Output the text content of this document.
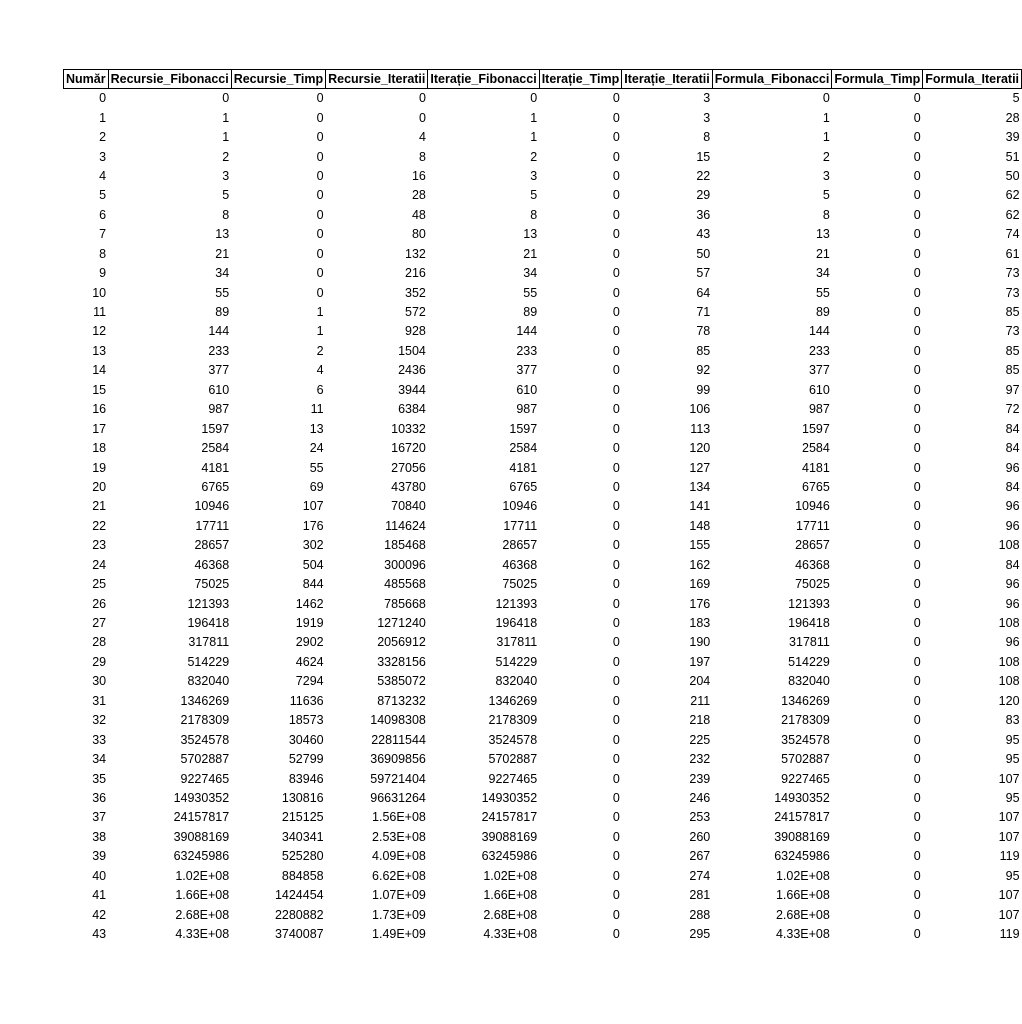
Număr	Recursie_Fibonacci	Recursie_Timp	Recursie_Iteratii	Iterație_Fibonacci	Iterație_Timp	Iterație_Iteratii	Formula_Fibonacci	Formula_Timp	Formula_Iteratii
0	0	0	0	0	0	3	0	0	5
1	1	0	0	1	0	3	1	0	28
2	1	0	4	1	0	8	1	0	39
3	2	0	8	2	0	15	2	0	51
4	3	0	16	3	0	22	3	0	50
5	5	0	28	5	0	29	5	0	62
6	8	0	48	8	0	36	8	0	62
7	13	0	80	13	0	43	13	0	74
8	21	0	132	21	0	50	21	0	61
9	34	0	216	34	0	57	34	0	73
10	55	0	352	55	0	64	55	0	73
11	89	1	572	89	0	71	89	0	85
12	144	1	928	144	0	78	144	0	73
13	233	2	1504	233	0	85	233	0	85
14	377	4	2436	377	0	92	377	0	85
15	610	6	3944	610	0	99	610	0	97
16	987	11	6384	987	0	106	987	0	72
17	1597	13	10332	1597	0	113	1597	0	84
18	2584	24	16720	2584	0	120	2584	0	84
19	4181	55	27056	4181	0	127	4181	0	96
20	6765	69	43780	6765	0	134	6765	0	84
21	10946	107	70840	10946	0	141	10946	0	96
22	17711	176	114624	17711	0	148	17711	0	96
23	28657	302	185468	28657	0	155	28657	0	108
24	46368	504	300096	46368	0	162	46368	0	84
25	75025	844	485568	75025	0	169	75025	0	96
26	121393	1462	785668	121393	0	176	121393	0	96
27	196418	1919	1271240	196418	0	183	196418	0	108
28	317811	2902	2056912	317811	0	190	317811	0	96
29	514229	4624	3328156	514229	0	197	514229	0	108
30	832040	7294	5385072	832040	0	204	832040	0	108
31	1346269	11636	8713232	1346269	0	211	1346269	0	120
32	2178309	18573	14098308	2178309	0	218	2178309	0	83
33	3524578	30460	22811544	3524578	0	225	3524578	0	95
34	5702887	52799	36909856	5702887	0	232	5702887	0	95
35	9227465	83946	59721404	9227465	0	239	9227465	0	107
36	14930352	130816	96631264	14930352	0	246	14930352	0	95
37	24157817	215125	1.56E+08	24157817	0	253	24157817	0	107
38	39088169	340341	2.53E+08	39088169	0	260	39088169	0	107
39	63245986	525280	4.09E+08	63245986	0	267	63245986	0	119
40	1.02E+08	884858	6.62E+08	1.02E+08	0	274	1.02E+08	0	95
41	1.66E+08	1424454	1.07E+09	1.66E+08	0	281	1.66E+08	0	107
42	2.68E+08	2280882	1.73E+09	2.68E+08	0	288	2.68E+08	0	107
43	4.33E+08	3740087	1.49E+09	4.33E+08	0	295	4.33E+08	0	119
